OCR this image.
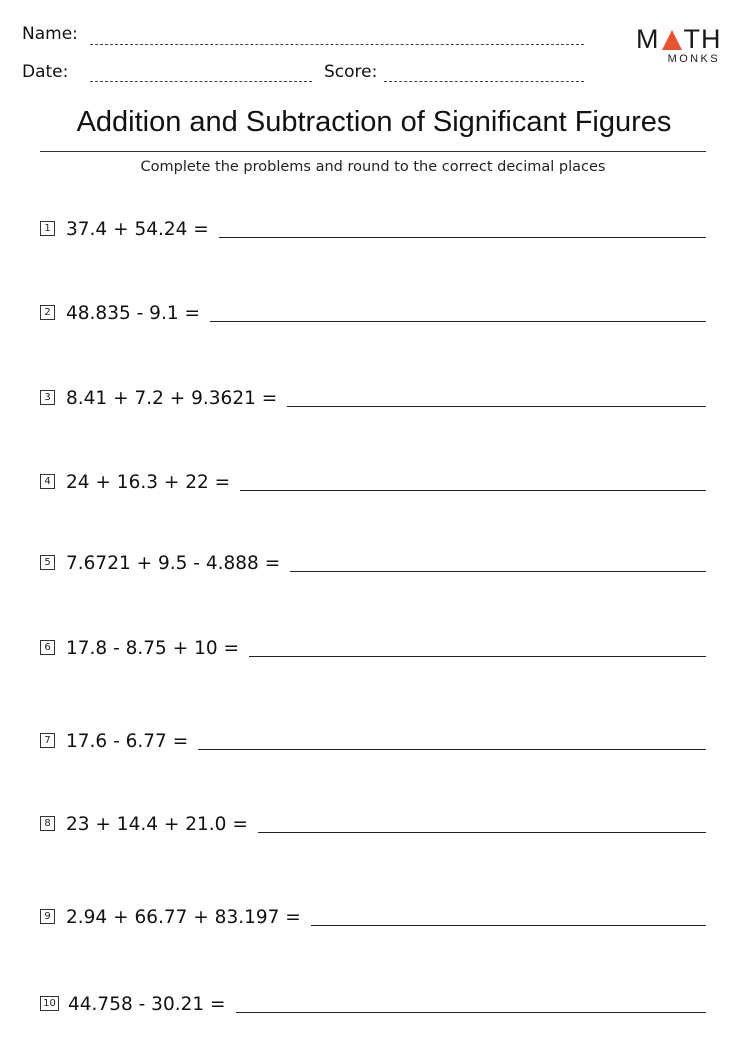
Name:
Date:	Score:
M TH
MONKS
Addition and Subtraction of Significant Figures
Complete the problems and round to the correct decimal places
1 37.4 + 54.24 =
2 48.835 - 9.1 =
3 8.41 + 7.2 + 9.3621 =
4 24 + 16.3 + 22 =
5 7.6721 + 9.5 - 4.888 =
6 17.8 - 8.75 + 10 =
7 17.6 - 6.77 =
8 23 + 14.4 + 21.0 =
9 2.94 + 66.77 + 83.197 =
10 44.758 - 30.21 =
